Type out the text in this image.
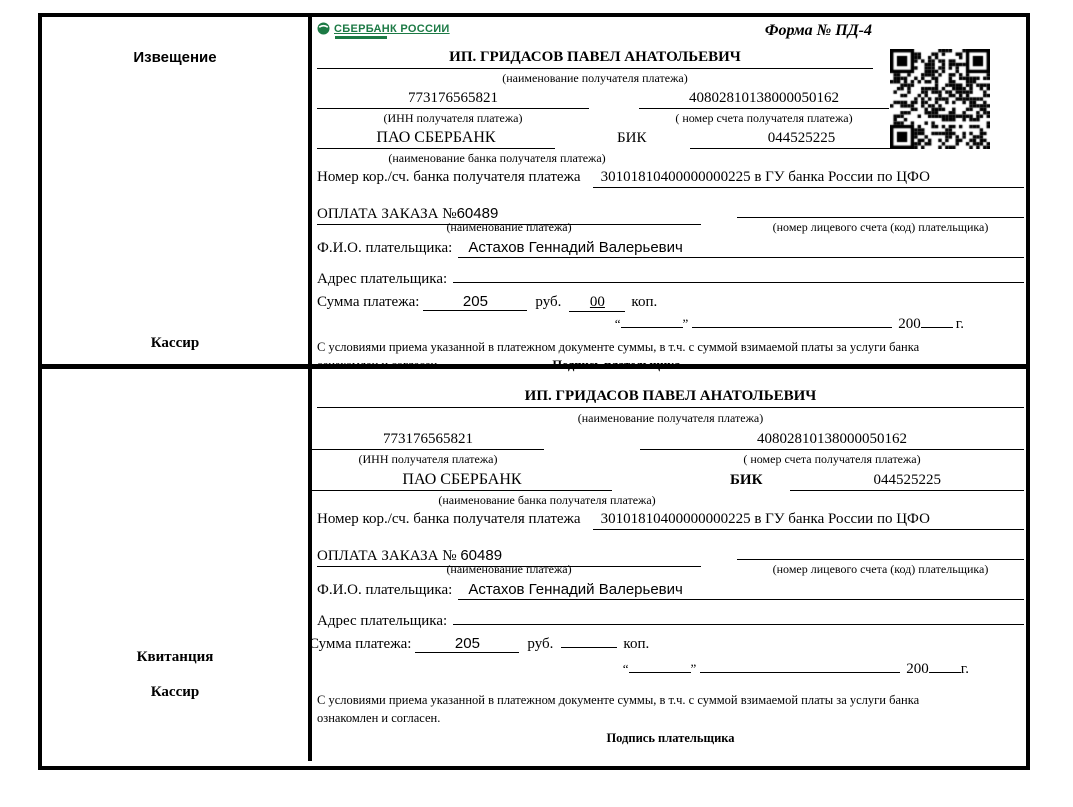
Извещение
Кассир
СБЕРБАНК РОССИИ	Форма № ПД-4
ИП. ГРИДАСОВ ПАВЕЛ АНАТОЛЬЕВИЧ
(наименование получателя платежа)
773176565821	40802810138000050162
(ИНН получателя платежа)	( номер счета получателя платежа)
ПАО СБЕРБАНК	БИК	044525225
(наименование банка получателя платежа)
Номер кор./сч. банка получателя платежа	30101810400000000225 в ГУ банка России по ЦФО
ОПЛАТА ЗАКАЗА №60489
(наименование платежа)	(номер лицевого счета (код) плательщика)
Ф.И.О. плательщика:	Астахов Геннадий Валерьевич
Адрес плательщика:
Сумма платежа:	205	руб.	00	коп.
“	”	200 г.
С условиями приема указанной в платежном документе суммы, в т.ч. с суммой взимаемой платы за услуги банка
ознакомлен и согласен.	Подпись плательщика
Квитанция
Кассир
ИП. ГРИДАСОВ ПАВЕЛ АНАТОЛЬЕВИЧ
(наименование получателя платежа)
773176565821	40802810138000050162
(ИНН получателя платежа)	( номер счета получателя платежа)
ПАО СБЕРБАНК	БИК	044525225
(наименование банка получателя платежа)
Номер кор./сч. банка получателя платежа	30101810400000000225 в ГУ банка России по ЦФО
ОПЛАТА ЗАКАЗА № 60489
(наименование платежа)	(номер лицевого счета (код) плательщика)
Ф.И.О. плательщика:	Астахов Геннадий Валерьевич
Адрес плательщика:
Сумма платежа:	205	руб.	коп.
“	”	200 г.
С условиями приема указанной в платежном документе суммы, в т.ч. с суммой взимаемой платы за услуги банка
ознакомлен и согласен.
Подпись плательщика
